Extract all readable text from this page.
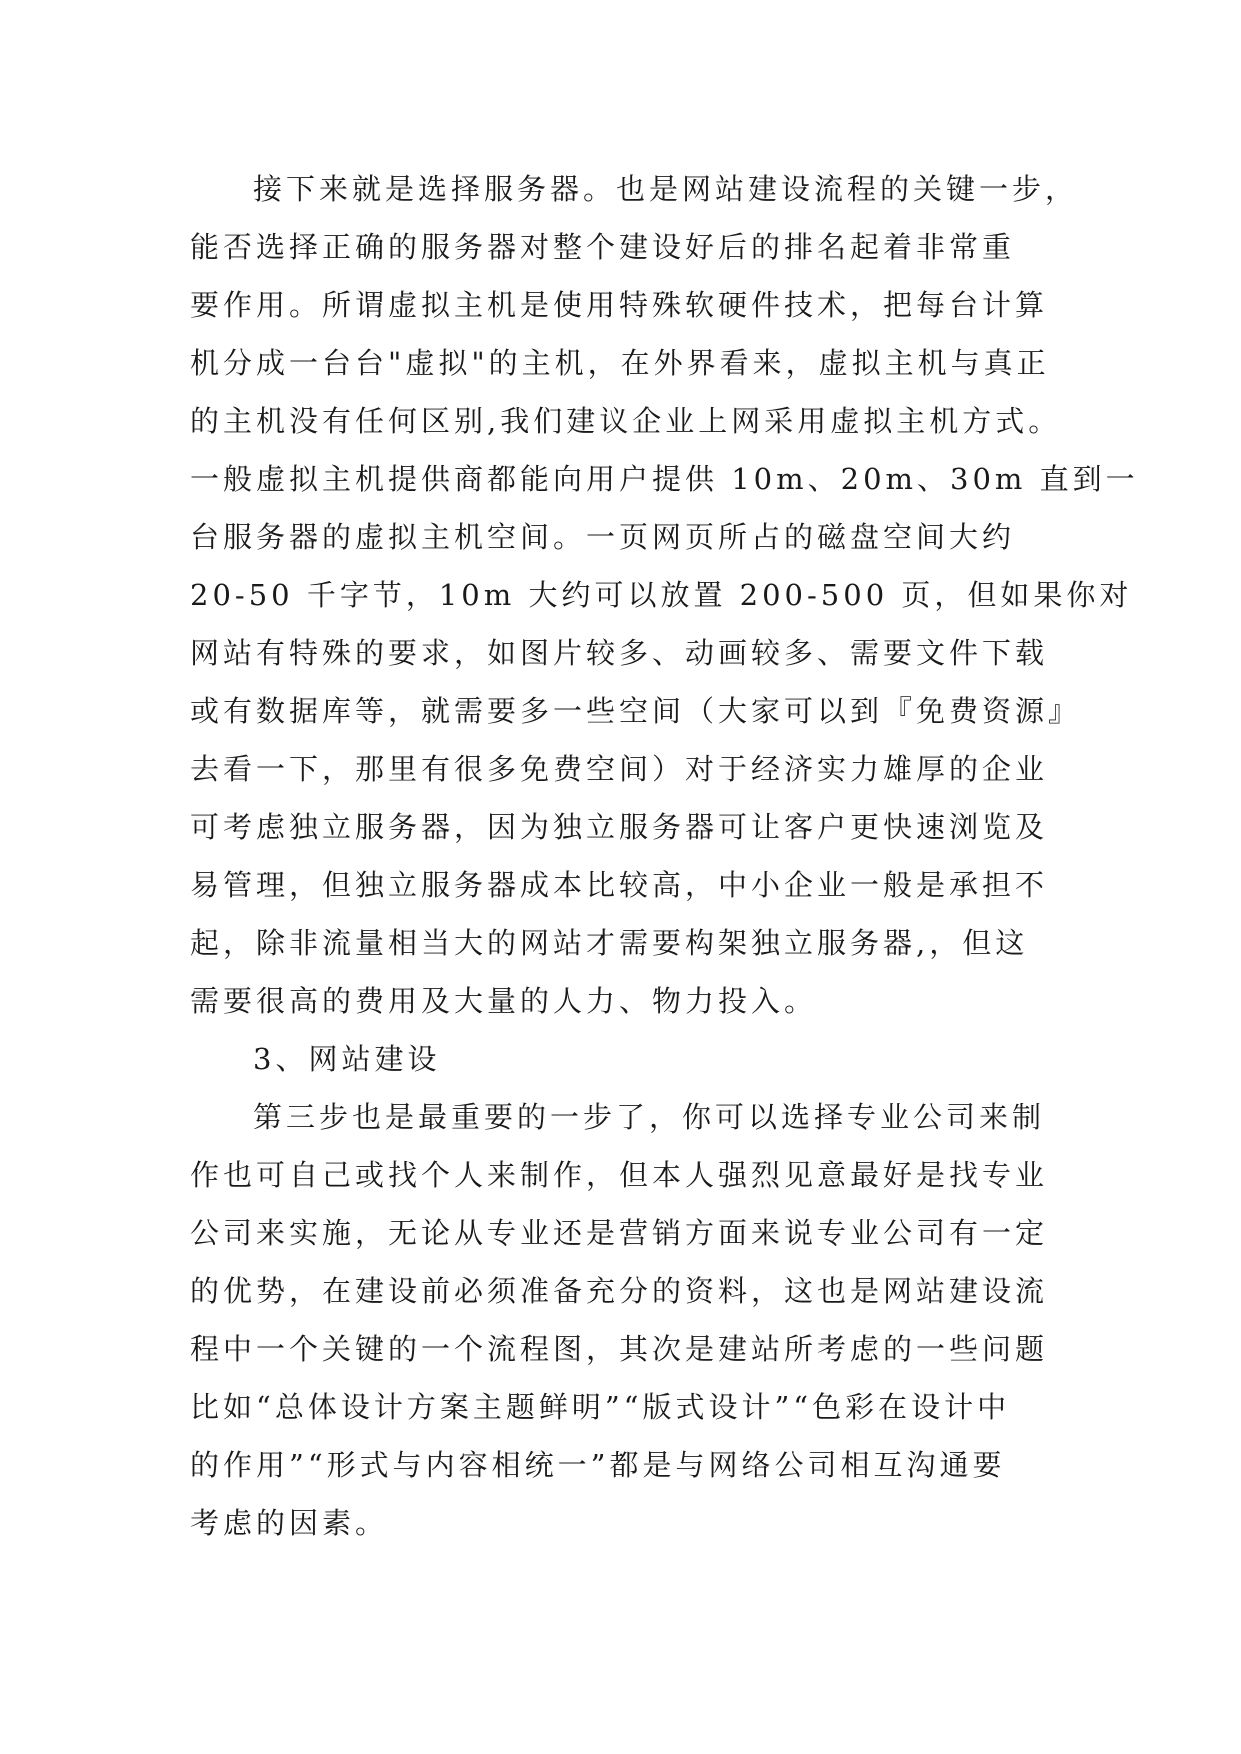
接下来就是选择服务器。也是网站建设流程的关键一步，
能否选择正确的服务器对整个建设好后的排名起着非常重
要作用。所谓虚拟主机是使用特殊软硬件技术，把每台计算
机分成一台台"虚拟"的主机，在外界看来，虚拟主机与真正
的主机没有任何区别,我们建议企业上网采用虚拟主机方式。
一般虚拟主机提供商都能向用户提供 10m、20m、30m 直到一
台服务器的虚拟主机空间。一页网页所占的磁盘空间大约
20-50 千字节，10m 大约可以放置 200-500 页，但如果你对
网站有特殊的要求，如图片较多、动画较多、需要文件下载
或有数据库等，就需要多一些空间（大家可以到『免费资源』
去看一下，那里有很多免费空间）对于经济实力雄厚的企业
可考虑独立服务器，因为独立服务器可让客户更快速浏览及
易管理，但独立服务器成本比较高，中小企业一般是承担不
起，除非流量相当大的网站才需要构架独立服务器,，但这
需要很高的费用及大量的人力、物力投入。
3、网站建设
第三步也是最重要的一步了，你可以选择专业公司来制
作也可自己或找个人来制作，但本人强烈见意最好是找专业
公司来实施，无论从专业还是营销方面来说专业公司有一定
的优势，在建设前必须准备充分的资料，这也是网站建设流
程中一个关键的一个流程图，其次是建站所考虑的一些问题
比如“总体设计方案主题鲜明”“版式设计”“色彩在设计中
的作用”“形式与内容相统一”都是与网络公司相互沟通要
考虑的因素。
